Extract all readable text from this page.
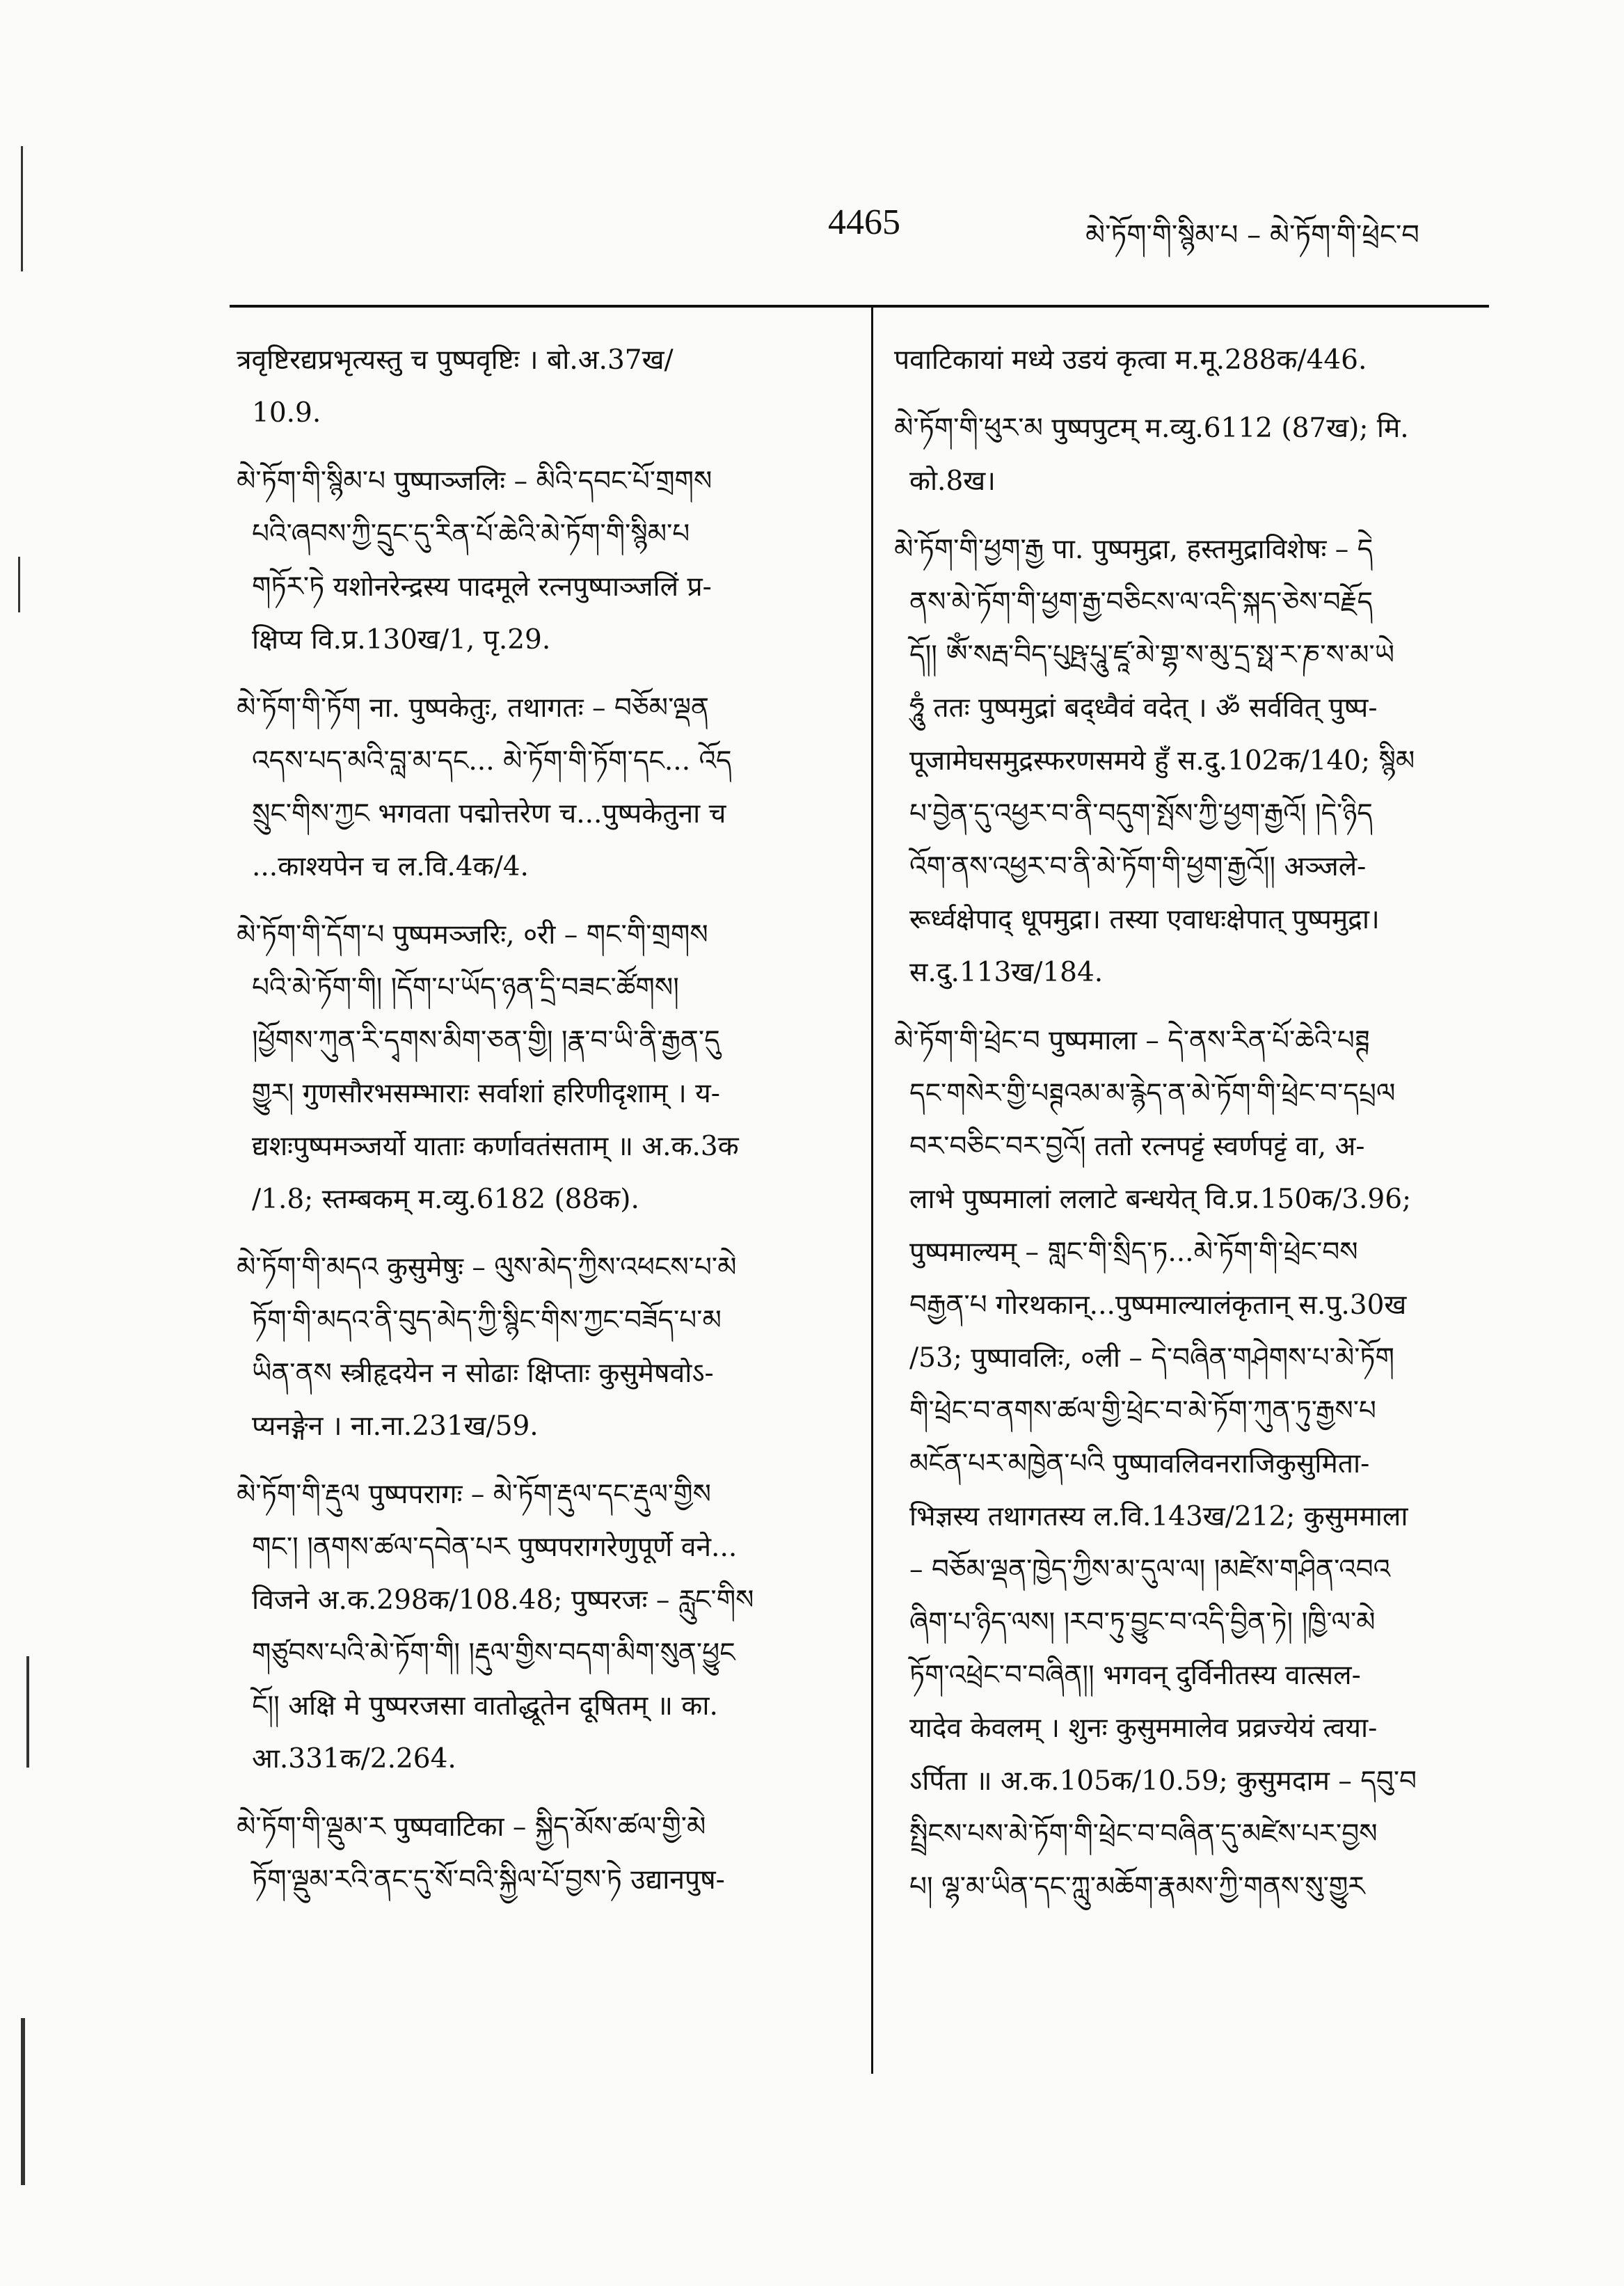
4465	མེ་ཏོག་གི་སྙིམ་པ – མེ་ཏོག་གི་ཕྲེང་བ
त्रवृष्टिरद्यप्रभृत्यस्तु च पुष्पवृष्टिः । बो.अ.37ख/
10.9.
མེ་ཏོག་གི་སྙིམ་པ पुष्पाञ्जलिः – མིའི་དབང་པོ་གྲགས
པའི་ཞབས་ཀྱི་དྲུང་དུ་རིན་པོ་ཆེའི་མེ་ཏོག་གི་སྙིམ་པ
གཏོར་ཏེ यशोनरेन्द्रस्य पादमूले रत्नपुष्पाञ्जलिं प्र-
क्षिप्य वि.प्र.130ख/1, पृ.29.
མེ་ཏོག་གི་ཏོག ना. पुष्पकेतुः, तथागतः – བཅོམ་ལྡན
འདས་པད་མའི་བླ་མ་དང... མེ་ཏོག་གི་ཏོག་དང... འོད
སྲུང་གིས་ཀྱང भगवता पद्मोत्तरेण च...पुष्पकेतुना च
...काश्यपेन च ल.वि.4क/4.
མེ་ཏོག་གི་དོག་པ पुष्पमञ्जरिः, ०री – གང་གི་གྲགས
པའི་མེ་ཏོག་གི། །དོག་པ་ཡོད་ཉན་དྲི་བཟང་ཚོགས།
།ཕྱོགས་ཀུན་རི་དྭགས་མིག་ཅན་གྱི། །རྣ་བ་ཡི་ནི་རྒྱན་དུ
གྱུར། गुणसौरभसम्भाराः सर्वाशां हरिणीदृशाम् । य-
द्यशःपुष्पमञ्जर्यो याताः कर्णावतंसताम् ॥ अ.क.3क
/1.8; स्तम्बकम् म.व्यु.6182 (88क).
མེ་ཏོག་གི་མདའ कुसुमेषुः – ལུས་མེད་ཀྱིས་འཕངས་པ་མེ
ཏོག་གི་མདའ་ནི་བུད་མེད་ཀྱི་སྙིང་གིས་ཀྱང་བཟོད་པ་མ
ཡིན་ནས स्त्रीहृदयेन न सोढाः क्षिप्ताः कुसुमेषवोऽ-
प्यनङ्गेन । ना.ना.231ख/59.
མེ་ཏོག་གི་རྡུལ पुष्पपरागः – མེ་ཏོག་རྡུལ་དང་རྡུལ་གྱིས
གང་། །ནགས་ཚལ་དབེན་པར पुष्पपरागरेणुपूर्णे वने...
विजने अ.क.298क/108.48; पुष्परजः – རླུང་གིས
གཙུབས་པའི་མེ་ཏོག་གི། །རྡུལ་གྱིས་བདག་མིག་སུན་ཕྱུང
ངོ།། अक्षि मे पुष्परजसा वातोद्धूतेन दूषितम् ॥ का.
आ.331क/2.264.
མེ་ཏོག་གི་ལྡུམ་ར पुष्पवाटिका – སྐྱིད་མོས་ཚལ་གྱི་མེ
ཏོག་ལྡུམ་རའི་ནང་དུ་སོ་བའི་སྐྱིལ་པོ་བྱས་ཏེ उद्यानपुष-
पवाटिकायां मध्ये उडयं कृत्वा म.मू.288क/446.
མེ་ཏོག་གི་ཕུར་མ पुष्पपुटम् म.व्यु.6112 (87ख); मि.
को.8ख।
མེ་ཏོག་གི་ཕྱག་རྒྱ पा. पुष्पमुद्रा, हस्तमुद्राविशेषः – དེ
ནས་མེ་ཏོག་གི་ཕྱག་རྒྱ་བཅིངས་ལ་འདི་སྐད་ཅེས་བརྗོད
དོ།། ཨོཾ་སརྦ་བིད་པུཥྤ་པཱུ་ཛཱ་མེ་གྷ་ས་མུ་དྲ་སྥ་ར་ཎ་ས་མ་ཡེ
ཧཱུཾ ततः पुष्पमुद्रां बद्ध्वैवं वदेत् । ॐ सर्ववित् पुष्प-
पूजामेघसमुद्रस्फरणसमये हुँ स.दु.102क/140; སྙིམ
པ་བྱེན་དུ་འཕྱར་བ་ནི་བདུག་སྤོས་ཀྱི་ཕྱག་རྒྱའོ། །དེ་ཉིད
འོག་ནས་འཕྱར་བ་ནི་མེ་ཏོག་གི་ཕྱག་རྒྱའོ།། अञ्जले-
रूर्ध्वक्षेपाद् धूपमुद्रा। तस्या एवाधःक्षेपात् पुष्पमुद्रा।
स.दु.113ख/184.
མེ་ཏོག་གི་ཕྲེང་བ पुष्पमाला – དེ་ནས་རིན་པོ་ཆེའི་པཊྚ
དང་གསེར་གྱི་པཊྚའམ་མ་རྙེད་ན་མེ་ཏོག་གི་ཕྲེང་བ་དཔྲལ
བར་བཅིང་བར་བྱའོ། ततो रत्नपट्टं स्वर्णपट्टं वा, अ-
लाभे पुष्पमालां ललाटे बन्धयेत् वि.प्र.150क/3.96;
पुष्पमाल्यम् – གླང་གི་སྲིད་ཏ...མེ་ཏོག་གི་ཕྲེང་བས
བརྒྱན་པ गोरथकान्...पुष्पमाल्यालंकृतान् स.पु.30ख
/53; पुष्पावलिः, ०ली – དེ་བཞིན་གཤེགས་པ་མེ་ཏོག
གི་ཕྲེང་བ་ནགས་ཚལ་གྱི་ཕྲེང་བ་མེ་ཏོག་ཀུན་ཏུ་རྒྱས་པ
མངོན་པར་མཁྱེན་པའི पुष्पावलिवनराजिकुसुमिता-
भिज्ञस्य तथागतस्य ल.वि.143ख/212; कुसुममाला
– བཅོམ་ལྡན་ཁྱེད་ཀྱིས་མ་དུལ་ལ། །མཛེས་གཤིན་འབའ
ཞིག་པ་ཉིད་ལས། །རབ་ཏུ་བྱུང་བ་འདི་བྱིན་ཏེ། །ཁྱི་ལ་མེ
ཏོག་འཕྲེང་བ་བཞིན།། भगवन् दुर्विनीतस्य वात्सल-
यादेव केवलम् । शुनः कुसुममालेव प्रव्रज्येयं त्वया-
ऽर्पिता ॥ अ.क.105क/10.59; कुसुमदाम – དབུ་བ
སྤྲིངས་པས་མེ་ཏོག་གི་ཕྲེང་བ་བཞིན་དུ་མཛེས་པར་བྱས
པ། ལྷ་མ་ཡིན་དང་ཀླུ་མཆོག་རྣམས་ཀྱི་གནས་སུ་གྱུར
